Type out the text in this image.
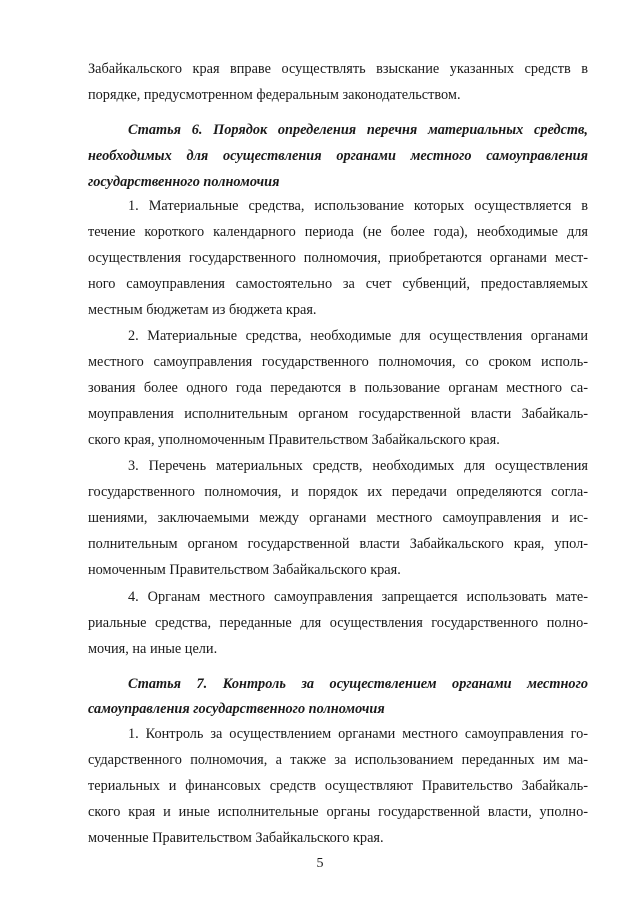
Забайкальского края вправе осуществлять взыскание указанных средств в
порядке, предусмотренном федеральным законодательством.
Статья 6. Порядок определения перечня материальных средств,
необходимых для осуществления органами местного самоуправления
государственного полномочия
1. Материальные средства, использование которых осуществляется в
течение короткого календарного периода (не более года), необходимые для
осуществления государственного полномочия, приобретаются органами мест-
ного самоуправления самостоятельно за счет субвенций, предоставляемых
местным бюджетам из бюджета края.
2. Материальные средства, необходимые для осуществления органами
местного самоуправления государственного полномочия, со сроком исполь-
зования более одного года передаются в пользование органам местного са-
моуправления исполнительным органом государственной власти Забайкаль-
ского края, уполномоченным Правительством Забайкальского края.
3. Перечень материальных средств, необходимых для осуществления
государственного полномочия, и порядок их передачи определяются согла-
шениями, заключаемыми между органами местного самоуправления и ис-
полнительным органом государственной власти Забайкальского края, упол-
номоченным Правительством Забайкальского края.
4. Органам местного самоуправления запрещается использовать мате-
риальные средства, переданные для осуществления государственного полно-
мочия, на иные цели.
Статья 7. Контроль за осуществлением органами местного
самоуправления государственного полномочия
1. Контроль за осуществлением органами местного самоуправления го-
сударственного полномочия, а также за использованием переданных им ма-
териальных и финансовых средств осуществляют Правительство Забайкаль-
ского края и иные исполнительные органы государственной власти, уполно-
моченные Правительством Забайкальского края.
5
